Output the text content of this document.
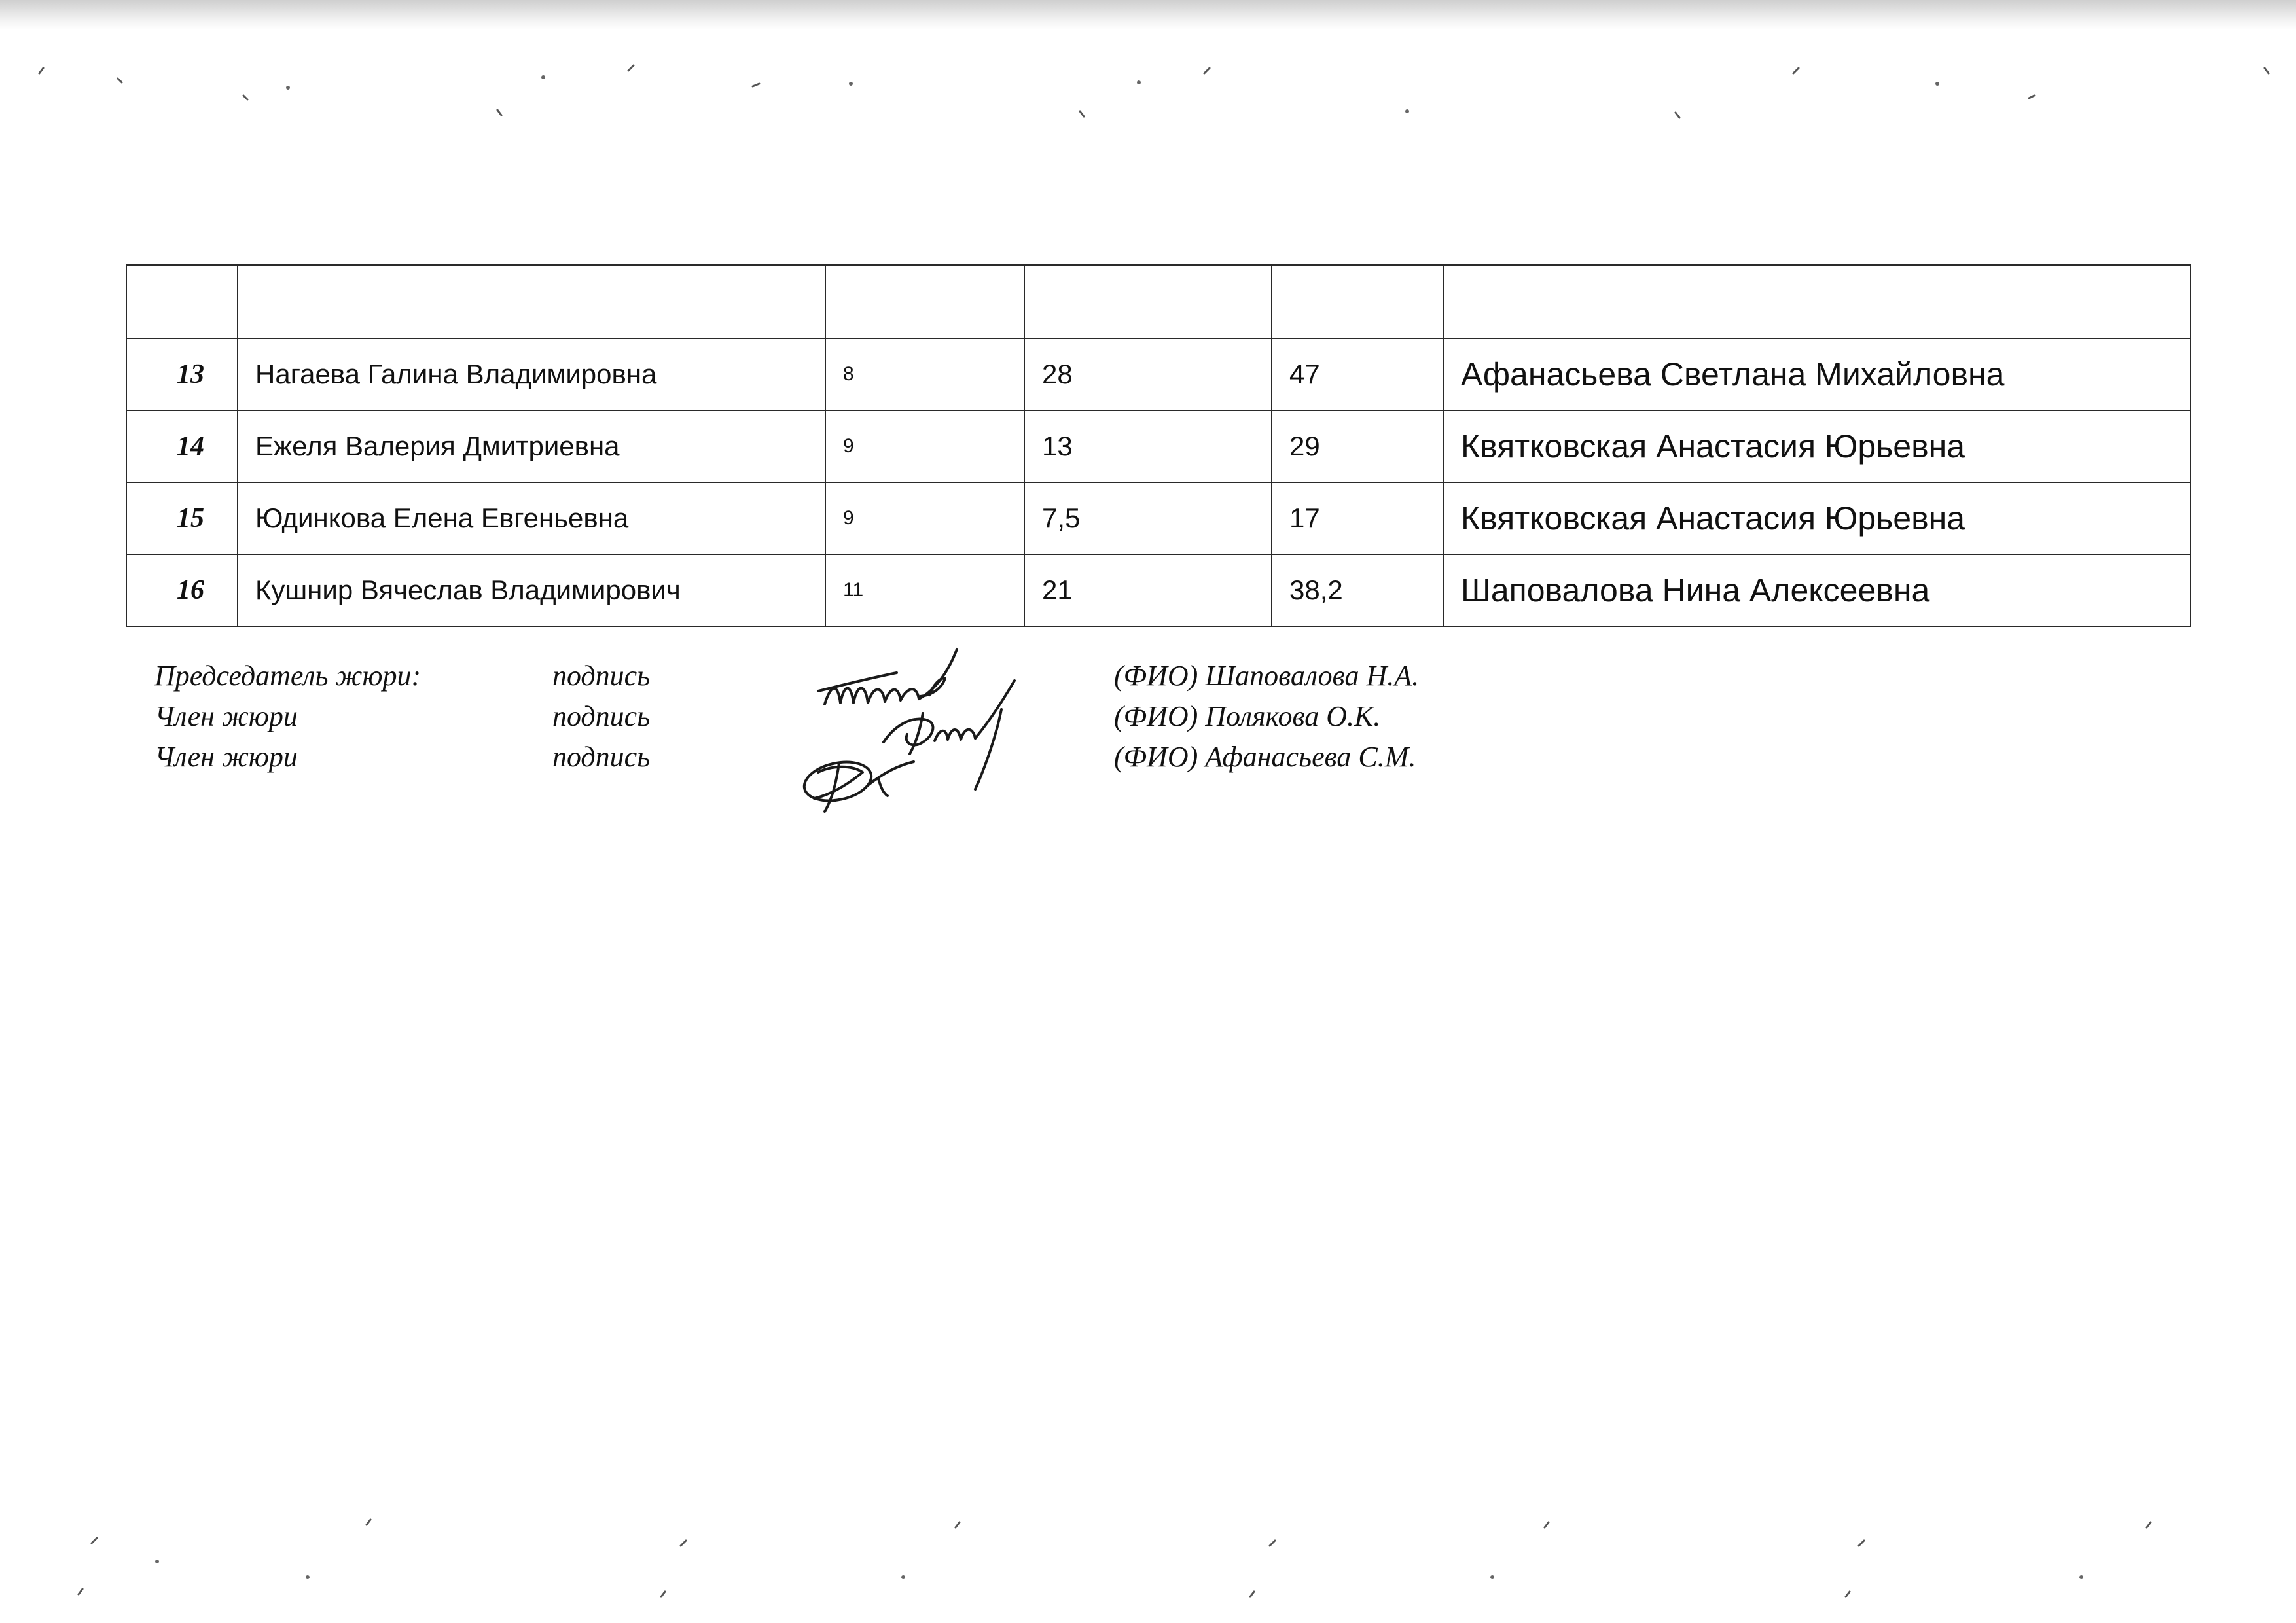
13	Нагаева Галина Владимировна	8	28	47	Афанасьева Светлана Михайловна
14	Ежеля Валерия Дмитриевна	9	13	29	Квятковская Анастасия Юрьевна
15	Юдинкова Елена Евгеньевна	9	7,5	17	Квятковская Анастасия Юрьевна
16	Кушнир Вячеслав Владимирович	11	21	38,2	Шаповалова Нина Алексеевна
Председатель жюри:	подпись	(ФИО) Шаповалова Н.А.
Член жюри	подпись	(ФИО) Полякова О.К.
Член жюри	подпись	(ФИО) Афанасьева С.М.
